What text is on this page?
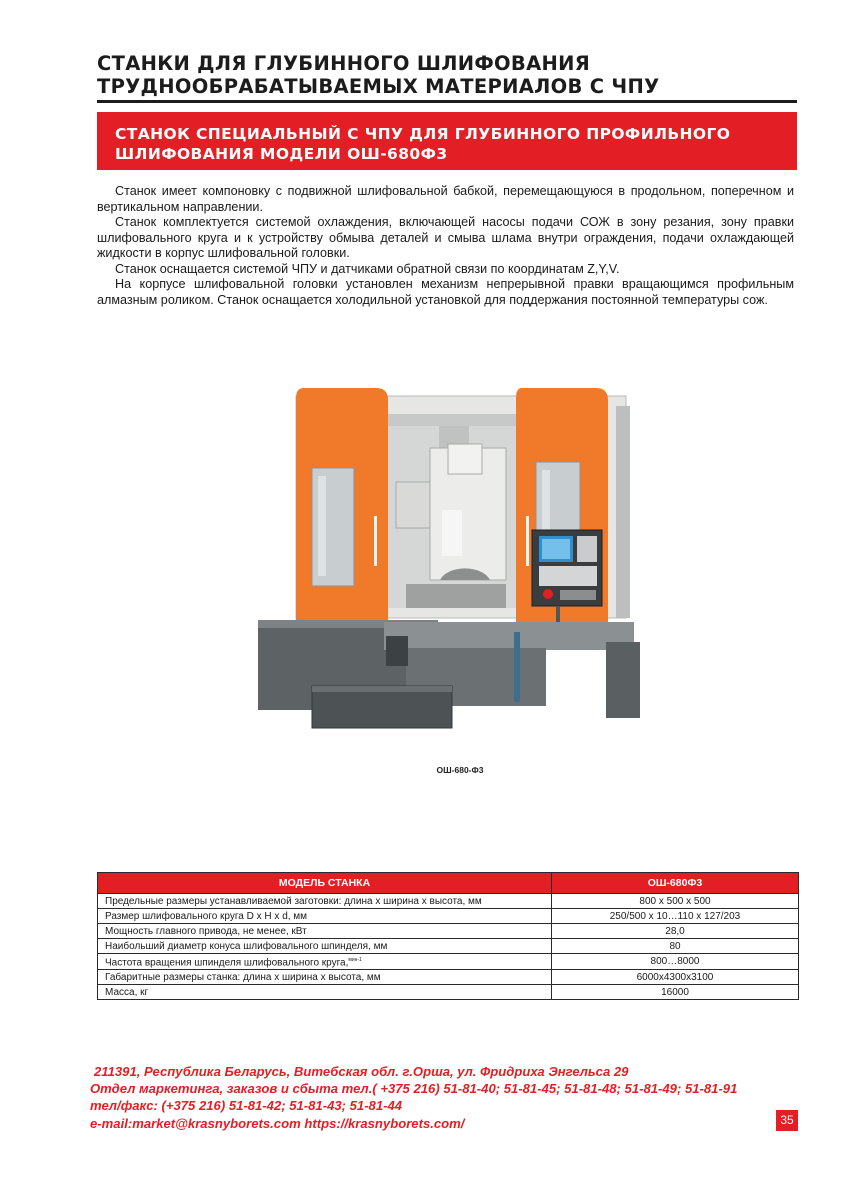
СТАНКИ ДЛЯ ГЛУБИННОГО ШЛИФОВАНИЯ
ТРУДНООБРАБАТЫВАЕМЫХ МАТЕРИАЛОВ С ЧПУ
СТАНОК СПЕЦИАЛЬНЫЙ С ЧПУ ДЛЯ ГЛУБИННОГО ПРОФИЛЬНОГО
ШЛИФОВАНИЯ МОДЕЛИ ОШ-680Ф3

Станок имеет компоновку с подвижной шлифовальной бабкой, перемещающуюся в продольном, поперечном и вертикальном направлении.

Станок комплектуется системой охлаждения, включающей насосы подачи СОЖ в зону резания, зону правки шлифовального круга и к устройству обмыва деталей и смыва шлама внутри ограждения, подачи охлаждающей жидкости в корпус шлифовальной головки.

Станок оснащается системой ЧПУ и датчиками обратной связи по координатам Z,Y,V.

На корпусе шлифовальной головки установлен механизм непрерывной правки вращающимся профильным алмазным роликом. Станок оснащается холодильной установкой для поддержания постоянной температуры сож.

ОШ-680-Ф3
МОДЕЛЬ СТАНКА	ОШ-680Ф3
Предельные размеры устанавливаемой заготовки: длина х ширина х высота, мм	800 х 500 х 500
Размер шлифовального круга D x H x d, мм	250/500 х 10…110 х 127/203
Мощность главного привода, не менее, кВт	28,0
Наибольший диаметр конуса шлифовального шпинделя, мм	80
Частота вращения шпинделя шлифовального круга,$^{мин-1}$	800…8000
Габаритные размеры станка: длина х ширина х высота, мм	6000х4300х3100
Масса, кг	16000
211391, Республика Беларусь, Витебская обл. г.Орша, ул. Фридриха Энгельса 29
Отдел маркетинга, заказов и сбыта тел.( +375 216) 51-81-40; 51-81-45; 51-81-48; 51-81-49; 51-81-91
тел/факс: (+375 216) 51-81-42; 51-81-43; 51-81-44
e-mail:market@krasnyborets.com https://krasnyborets.com/	35
